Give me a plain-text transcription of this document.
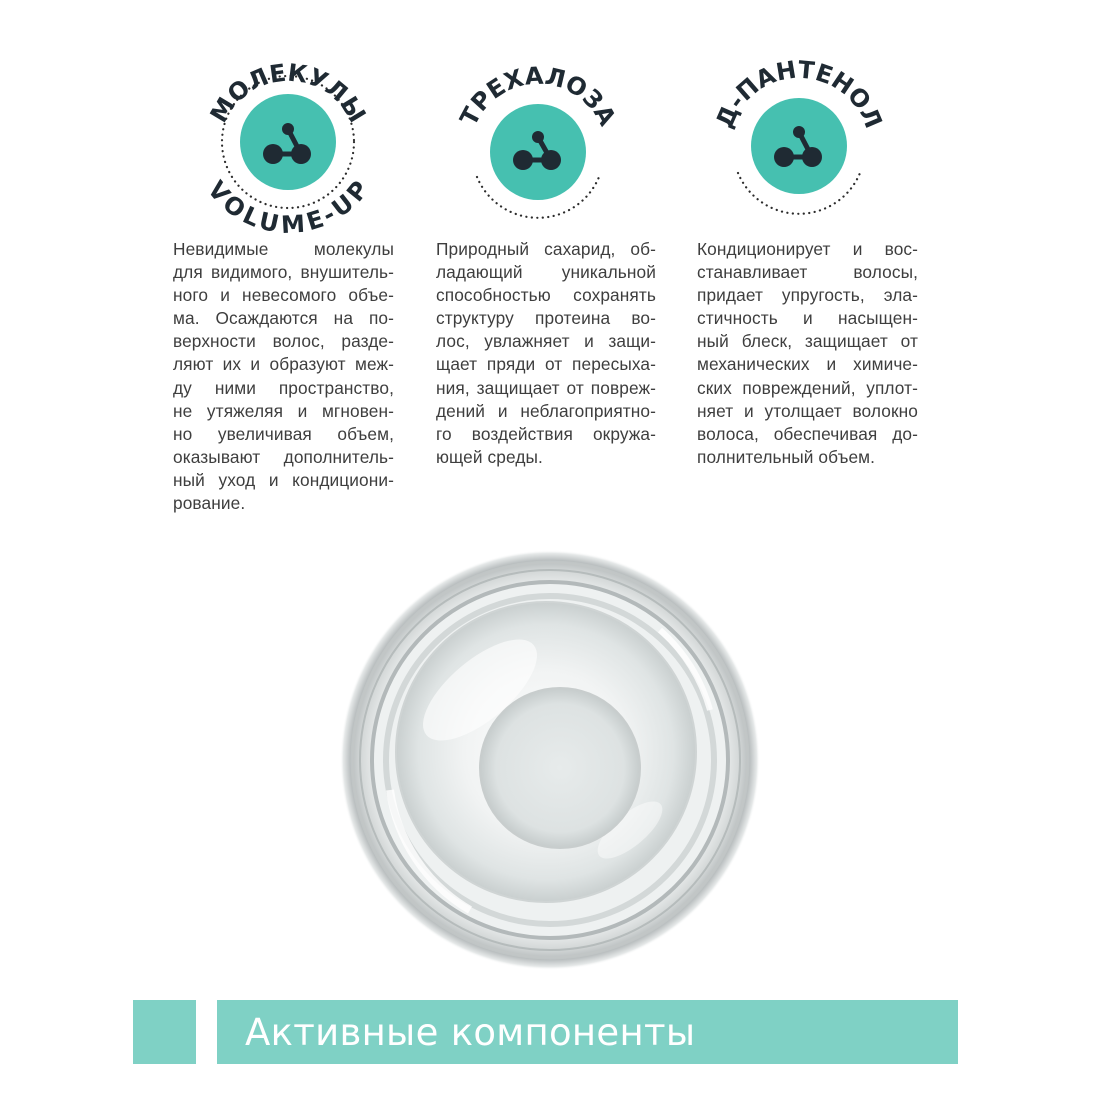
МОЛЕКУЛЫ
VOLUME-UP
ТРЕХАЛОЗА	Д-ПАНТЕНОЛ
Невидимые молекулы
для видимого, внушитель-
ного и невесомого объе-
ма. Осаждаются на по-
верхности волос, разде-
ляют их и образуют меж-
ду ними пространство,
не утяжеляя и мгновен-
но увеличивая объем,
оказывают дополнитель-
ный уход и кондициони-
рование.
Природный сахарид, об-
ладающий уникальной
способностью сохранять
структуру протеина во-
лос, увлажняет и защи-
щает пряди от пересыха-
ния, защищает от повреж-
дений и неблагоприятно-
го воздействия окружа-
ющей среды.
Кондиционирует и вос-
станавливает волосы,
придает упругость, эла-
стичность и насыщен-
ный блеск, защищает от
механических и химиче-
ских повреждений, уплот-
няет и утолщает волокно
волоса, обеспечивая до-
полнительный объем.
Активные компоненты
